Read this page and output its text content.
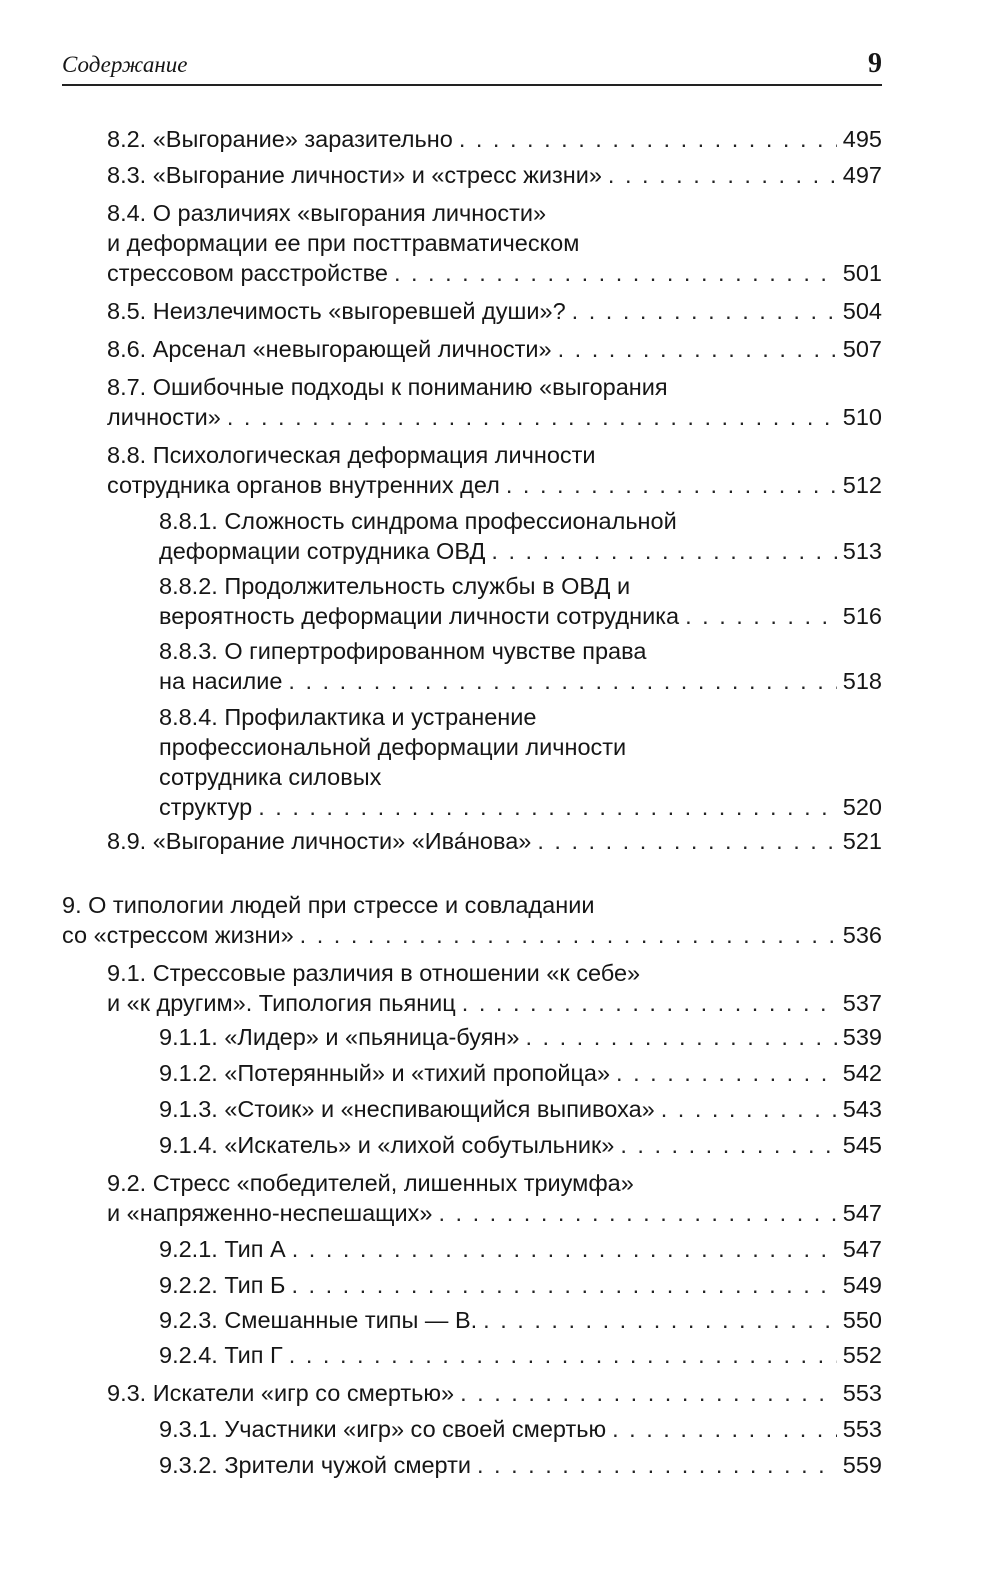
Содержание	9
8.2. «Выгорание» заразительно . . .	495
8.3. «Выгорание личности» и «стресс жизни» . . .	497
8.4. О различиях «выгорания личности»
и деформации ее при посттравматическом
стрессовом расстройстве . . .	501
8.5. Неизлечимость «выгоревшей души»? . . .	504
8.6. Арсенал «невыгорающей личности» . . .	507
8.7. Ошибочные подходы к пониманию «выгорания
личности» . . .	510
8.8. Психологическая деформация личности
сотрудника органов внутренних дел . . .	512
8.8.1. Сложность синдрома профессиональной
деформации сотрудника ОВД . . .	513
8.8.2. Продолжительность службы в ОВД и
вероятность деформации личности сотрудника . . .	516
8.8.3. О гипертрофированном чувстве права
на насилие . . .	518
8.8.4. Профилактика и устранение
профессиональной деформации личности
сотрудника силовых
структур . . .	520
8.9. «Выгорание личности» «Ива́нова» . . .	521
9. О типологии людей при стрессе и совладании
со «стрессом жизни» . . .	536
9.1. Стрессовые различия в отношении «к себе»
и «к другим». Типология пьяниц . . .	537
9.1.1. «Лидер» и «пьяница-буян» . . .	539
9.1.2. «Потерянный» и «тихий пропойца» . . .	542
9.1.3. «Стоик» и «неспивающийся выпивоха» . . .	543
9.1.4. «Искатель» и «лихой собутыльник» . . .	545
9.2. Стресс «победителей, лишенных триумфа»
и «напряженно-неспешащих» . . .	547
9.2.1. Тип А . . .	547
9.2.2. Тип Б . . .	549
9.2.3. Смешанные типы — В. . . .	550
9.2.4. Тип Г . . .	552
9.3. Искатели «игр со смертью» . . .	553
9.3.1. Участники «игр» со своей смертью . . .	553
9.3.2. Зрители чужой смерти . . .	559
